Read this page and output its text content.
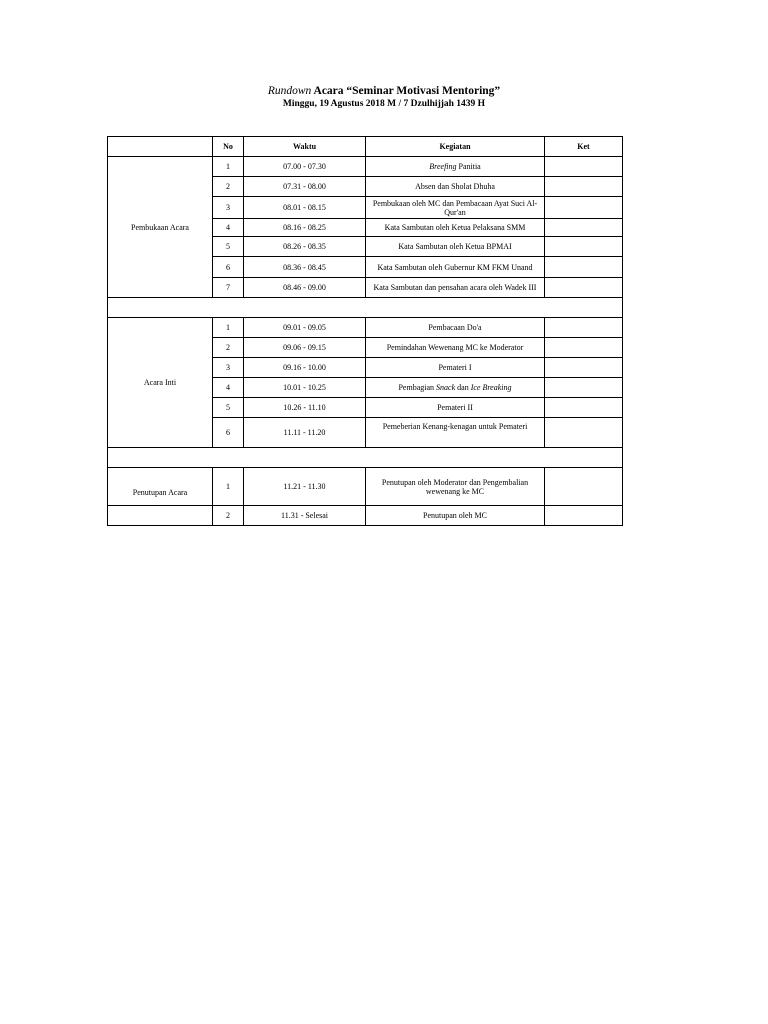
Rundown Acara “Seminar Motivasi Mentoring”
Minggu, 19 Agustus 2018 M / 7 Dzulhijjah 1439 H
	No	Waktu	Kegiatan	Ket
Pembukaan Acara	1	07.00 - 07.30	Breefing Panitia	
	2	07.31 - 08.00	Absen dan Sholat Dhuha	
	3	08.01 - 08.15	Pembukaan oleh MC dan Pembacaan Ayat Suci Al-Qur'an	
	4	08.16 - 08.25	Kata Sambutan oleh Ketua Pelaksana SMM	
	5	08.26 - 08.35	Kata Sambutan oleh Ketua BPMAI	
	6	08.36 - 08.45	Kata Sambutan oleh Gubernur KM FKM Unand	
	7	08.46 - 09.00	Kata Sambutan dan pensahan acara oleh Wadek III	

Acara Inti	1	09.01 - 09.05	Pembacaan Do'a	
	2	09.06 - 09.15	Pemindahan Wewenang MC ke Moderator	
	3	09.16 - 10.00	Pemateri I	
	4	10.01 - 10.25	Pembagian Snack dan Ice Breaking	
	5	10.26 - 11.10	Pemateri II	
	6	11.11 - 11.20	Pemeberian Kenang-kenagan untuk Pemateri	

Penutupan Acara	1	11.21 - 11.30	Penutupan oleh Moderator dan Pengembalian wewenang ke MC	
	2	11.31 - Selesai	Penutupan oleh MC	
